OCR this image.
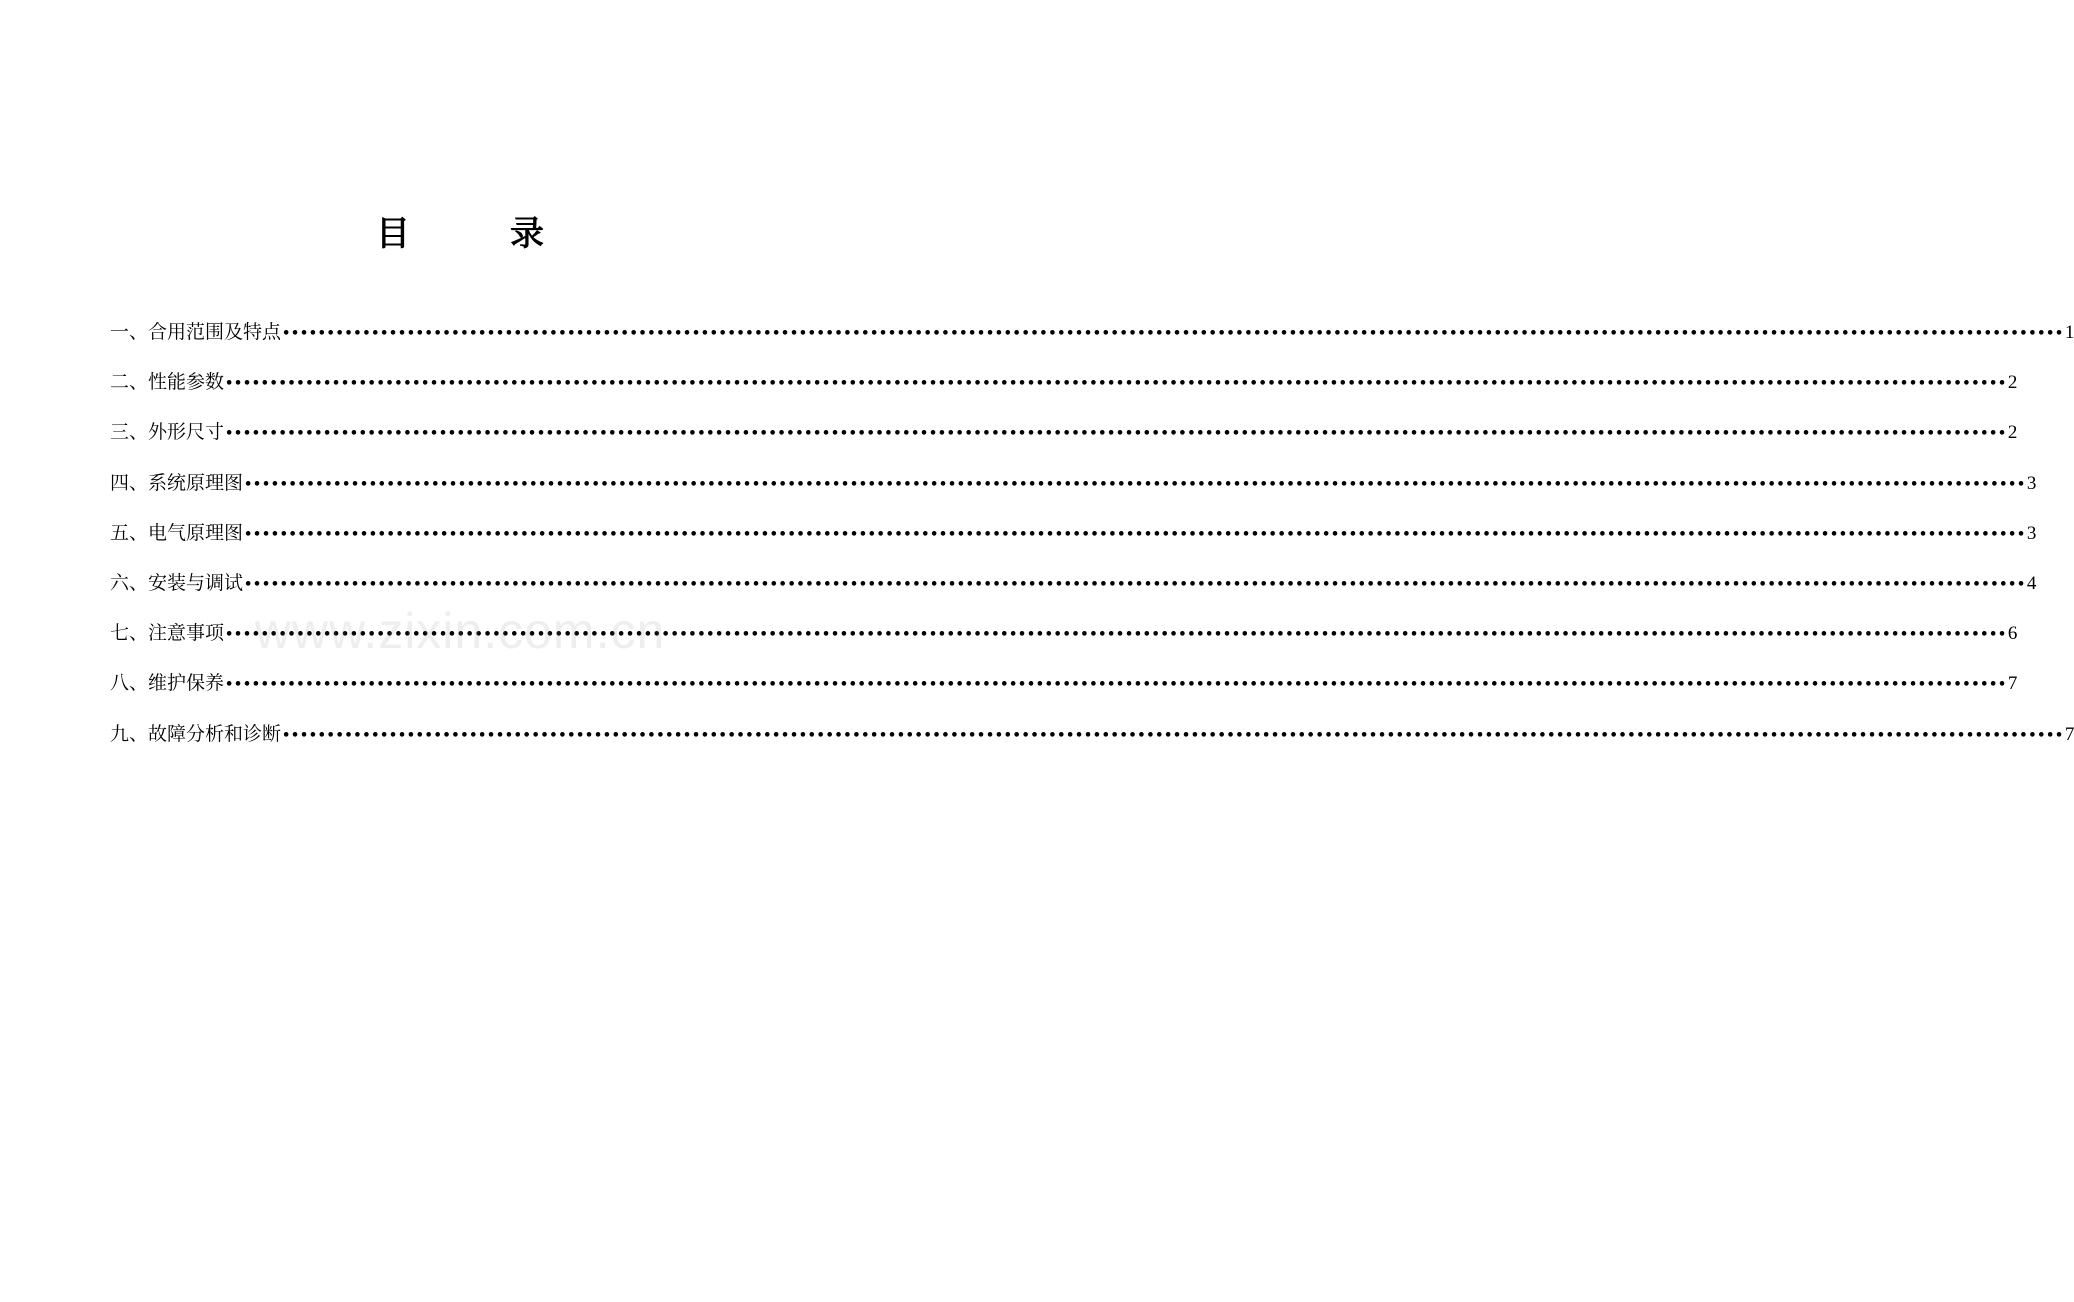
目	录
一、合用范围及特点 •••••••••••••••••••••••••••••••••••••••••••••••••••••••••••••••••••••••••••••••••••••••••••••••••••••••••••••••••••••••••••••••••••••••••••••••••••••••••••••••••••••••••••••••••••••••••••••••••••••••• 1
二、性能参数 •••••••••••••••••••••••••••••••••••••••••••••••••••••••••••••••••••••••••••••••••••••••••••••••••••••••••••••••••••••••••••••••••••••••••••••••••••••••••••••••••••••••••••••••••••••••••••••••••••••••• 2
三、外形尺寸 •••••••••••••••••••••••••••••••••••••••••••••••••••••••••••••••••••••••••••••••••••••••••••••••••••••••••••••••••••••••••••••••••••••••••••••••••••••••••••••••••••••••••••••••••••••••••••••••••••••••• 2
四、系统原理图 •••••••••••••••••••••••••••••••••••••••••••••••••••••••••••••••••••••••••••••••••••••••••••••••••••••••••••••••••••••••••••••••••••••••••••••••••••••••••••••••••••••••••••••••••••••••••••••••••••••••• 3
五、电气原理图 •••••••••••••••••••••••••••••••••••••••••••••••••••••••••••••••••••••••••••••••••••••••••••••••••••••••••••••••••••••••••••••••••••••••••••••••••••••••••••••••••••••••••••••••••••••••••••••••••••••••• 3
六、安装与调试 •••••••••••••••••••••••••••••••••••••••••••••••••••••••••••••••••••••••••••••••••••••••••••••••••••••••••••••••••••••••••••••••••••••••••••••••••••••••••••••••••••••••••••••••••••••••••••••••••••••••• 4
七、注意事项 •••••••••••••••••••••••••••••••••••••••••••••••••••••••••••••••••••••••••••••••••••••••••••••••••••••••••••••••••••••••••••••••••••••••••••••••••••••••••••••••••••••••••••••••••••••••••••••••••••••••• 6
八、维护保养 •••••••••••••••••••••••••••••••••••••••••••••••••••••••••••••••••••••••••••••••••••••••••••••••••••••••••••••••••••••••••••••••••••••••••••••••••••••••••••••••••••••••••••••••••••••••••••••••••••••••• 7
九、故障分析和诊断 •••••••••••••••••••••••••••••••••••••••••••••••••••••••••••••••••••••••••••••••••••••••••••••••••••••••••••••••••••••••••••••••••••••••••••••••••••••••••••••••••••••••••••••••••••••••••••••••••••••••• 7
www.zixin.com.cn
